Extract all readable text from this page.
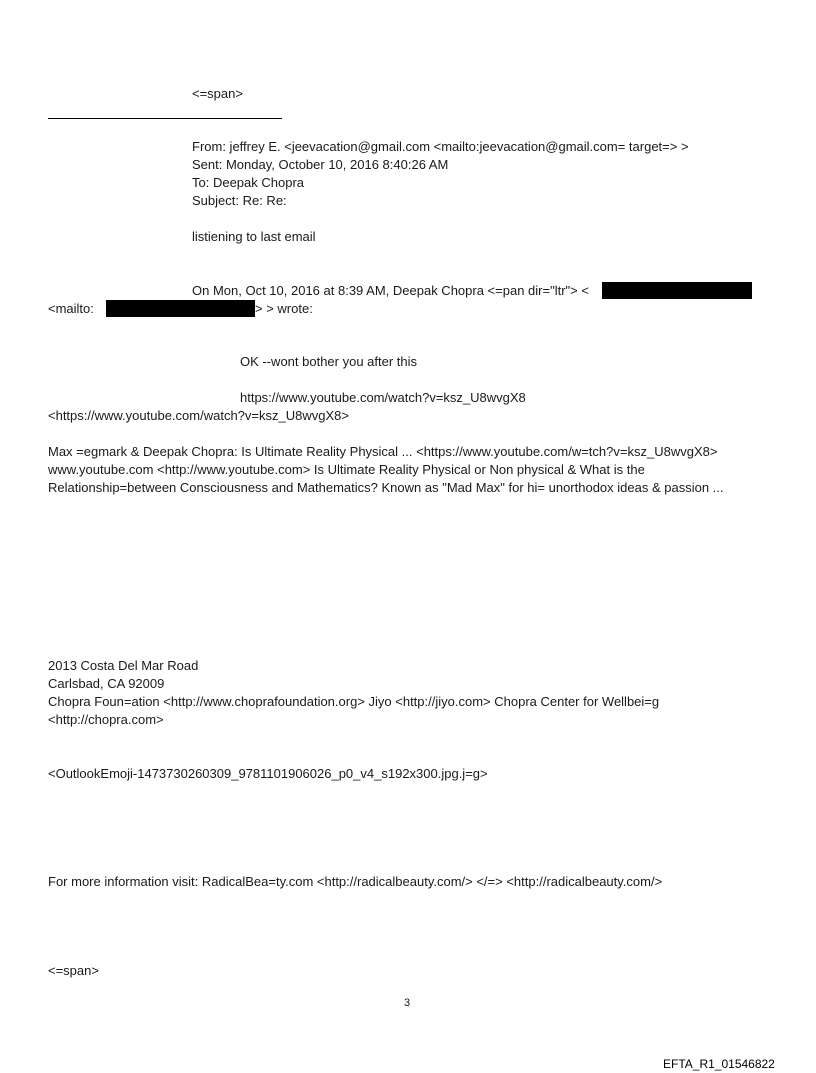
<=span>
From: jeffrey E. <jeevacation@gmail.com <mailto:jeevacation@gmail.com= target=> >
Sent: Monday, October 10, 2016 8:40:26 AM
To: Deepak Chopra
Subject: Re: Re:
listiening to last email
On Mon, Oct 10, 2016 at 8:39 AM, Deepak Chopra <=pan dir="ltr"> <
<mailto:	> > wrote:
OK --wont bother you after this
https://www.youtube.com/watch?v=ksz_U8wvgX8
<https://www.youtube.com/watch?v=ksz_U8wvgX8>
Max =egmark & Deepak Chopra: Is Ultimate Reality Physical ... <https://www.youtube.com/w=tch?v=ksz_U8wvgX8>
www.youtube.com <http://www.youtube.com> Is Ultimate Reality Physical or Non physical & What is the
Relationship=between Consciousness and Mathematics? Known as "Mad Max" for hi= unorthodox ideas & passion ...
2013 Costa Del Mar Road
Carlsbad, CA 92009
Chopra Foun=ation <http://www.choprafoundation.org> Jiyo <http://jiyo.com> Chopra Center for Wellbei=g
<http://chopra.com>
<OutlookEmoji-1473730260309_9781101906026_p0_v4_s192x300.jpg.j=g>
For more information visit: RadicalBea=ty.com <http://radicalbeauty.com/> </=> <http://radicalbeauty.com/>
<=span>
3
EFTA_R1_01546822
